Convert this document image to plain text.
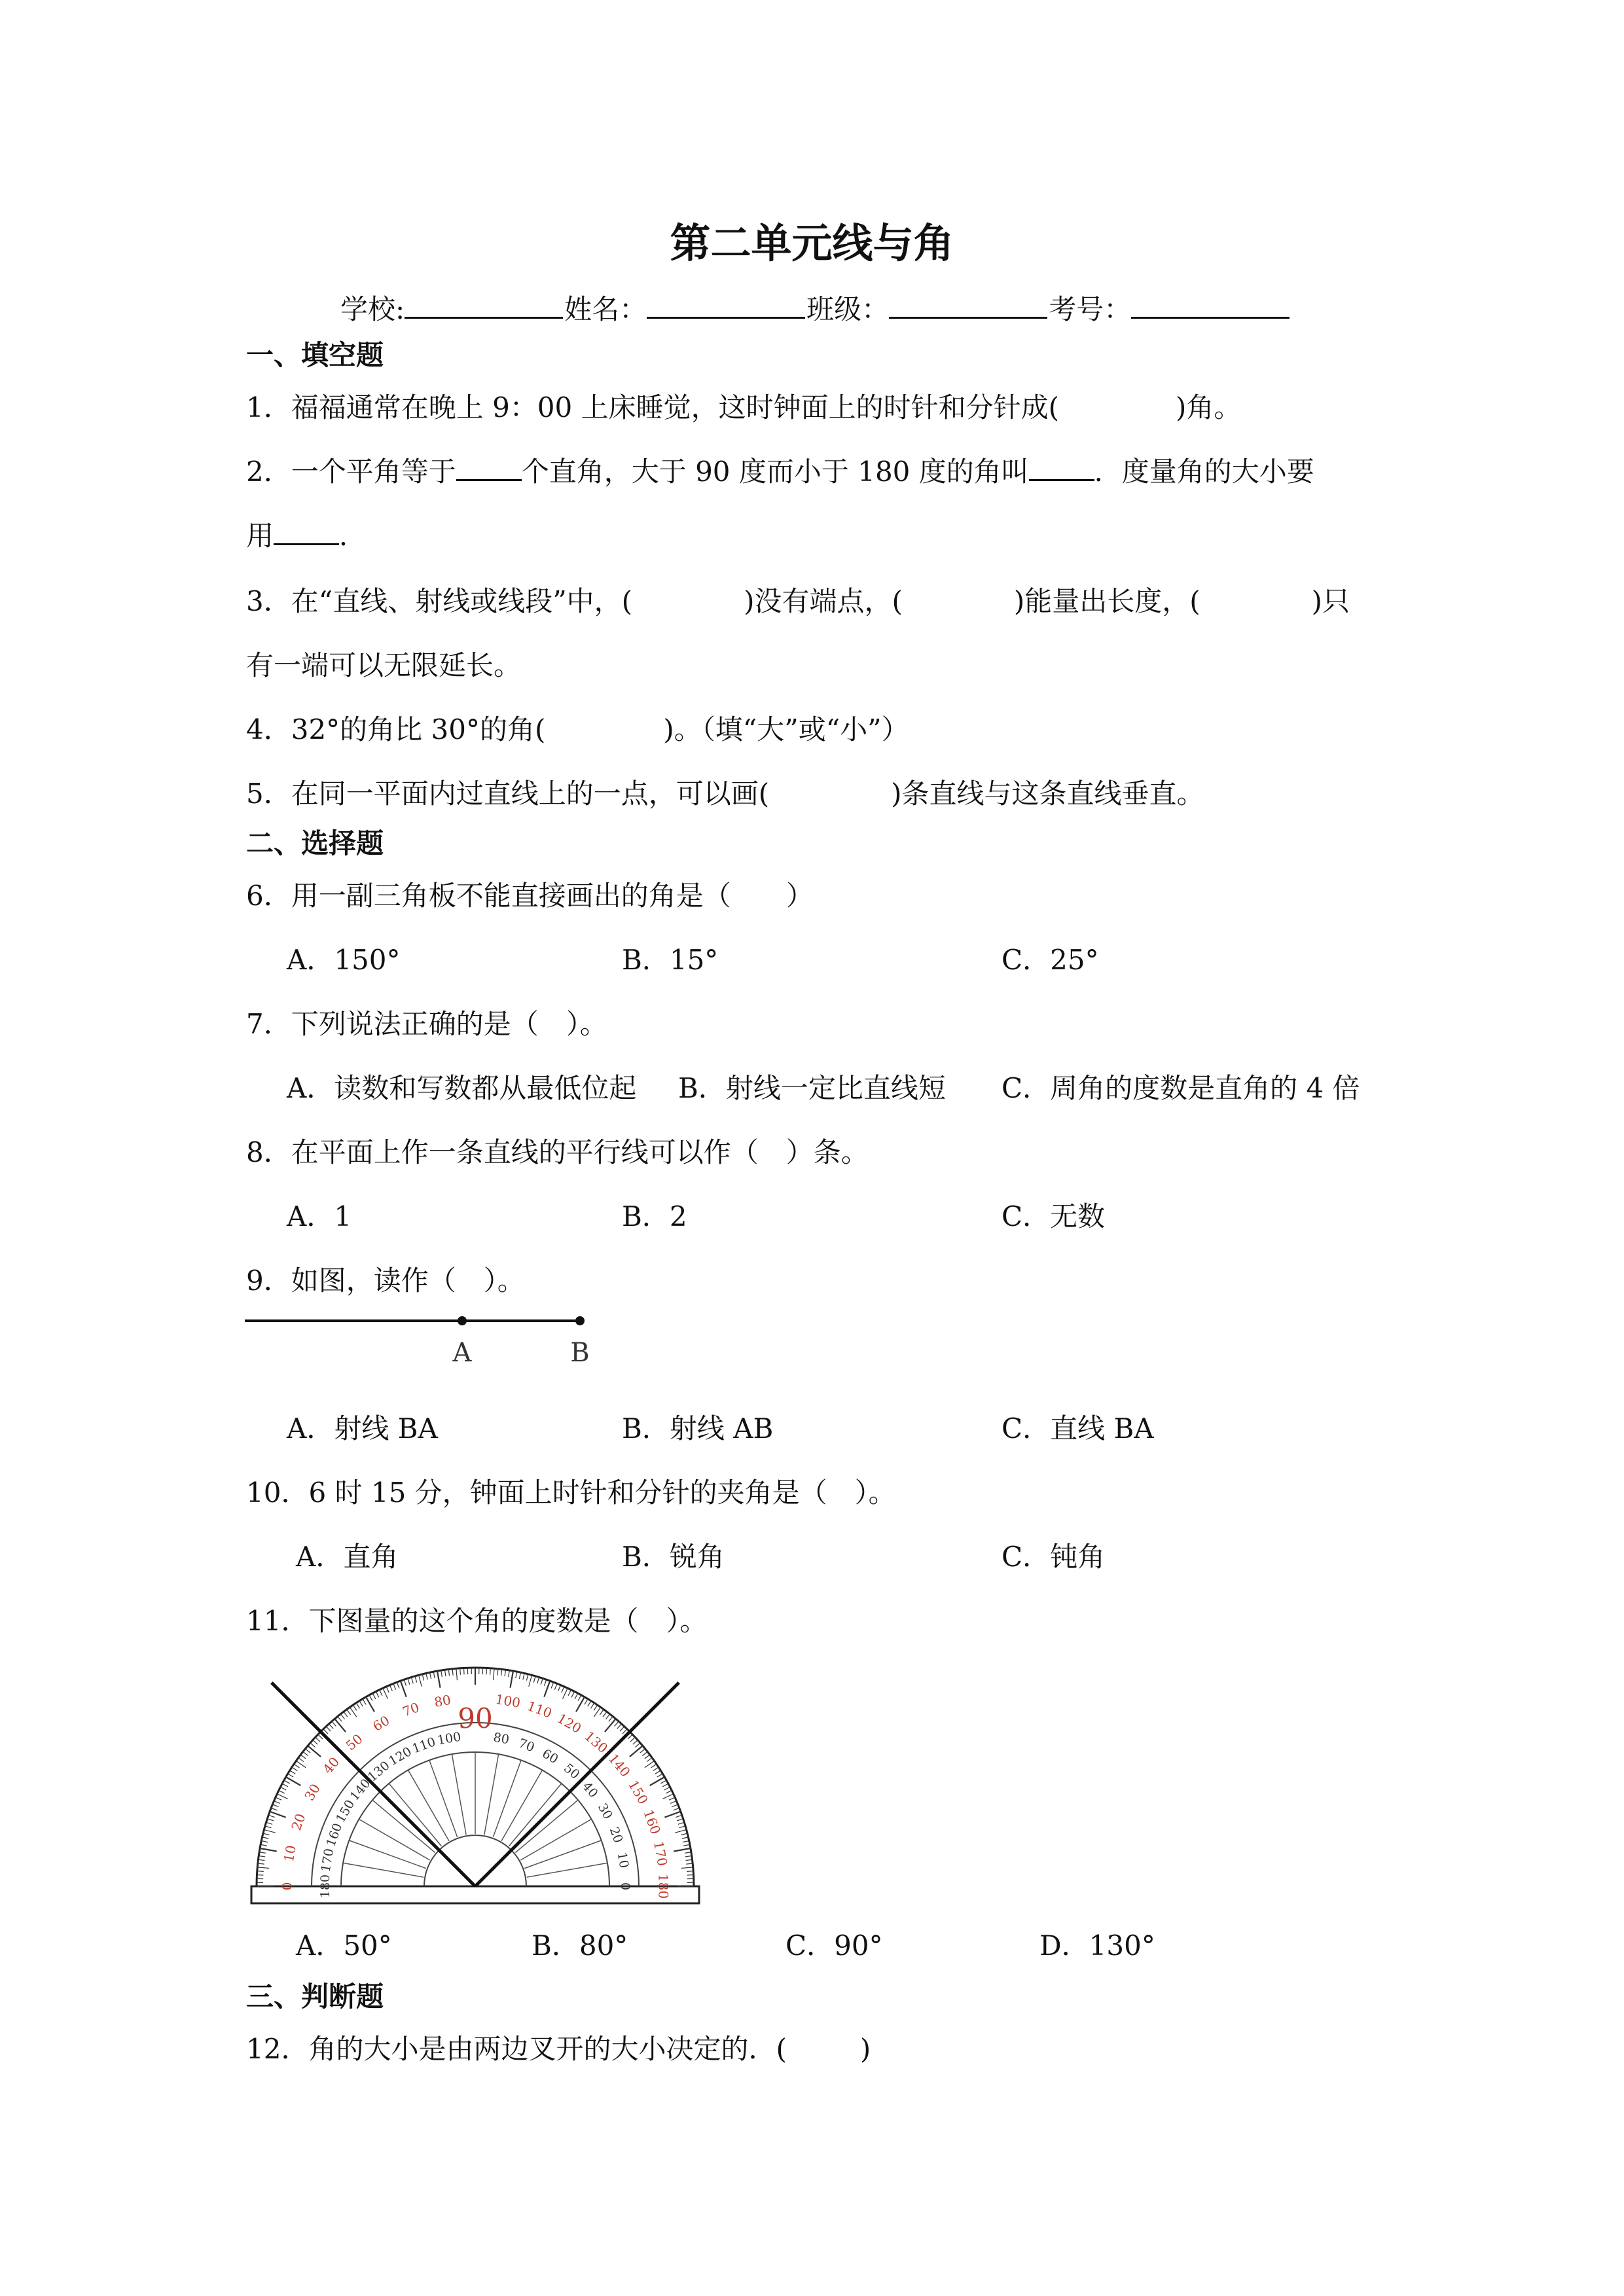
第二单元线与角
学校:	姓名：	班级：	考号：
一、填空题
1．福福通常在晚上 9：00 上床睡觉，这时钟面上的时针和分针成(	)角。
2．一个平角等于 个直角，大于 90 度而小于 180 度的角叫 ．度量角的大小要
用 ．
3．在“直线、射线或线段”中，(	)没有端点，(	)能量出长度，(	)只
有一端可以无限延长。
4．32°的角比 30°的角(	)。（填“大”或“小”）
5．在同一平面内过直线上的一点，可以画(	)条直线与这条直线垂直。
二、选择题
6．用一副三角板不能直接画出的角是（　　）
A．150°	B．15°	C．25°
7．下列说法正确的是（　）。
A．读数和写数都从最低位起 B．射线一定比直线短 C．周角的度数是直角的 4 倍
8．在平面上作一条直线的平行线可以作（　）条。
A．1	B．2	C．无数
9．如图，读作（　）。
A	B
A．射线 BA	B．射线 AB	C．直线 BA
10．6 时 15 分，钟面上时针和分针的夹角是（　）。
A．直角	B．锐角	C．钝角
11．下图量的这个角的度数是（　）。
180
0
170
10
160
20
150
30
140
40
130
50
120
60
110
70
100
80
80
100
70
110
60
120
50
130
40
140
30
150
20 160
10 170
0 180
90
A．50°	B．80°	C．90°	D．130°
三、判断题
12．角的大小是由两边叉开的大小决定的．(	)
